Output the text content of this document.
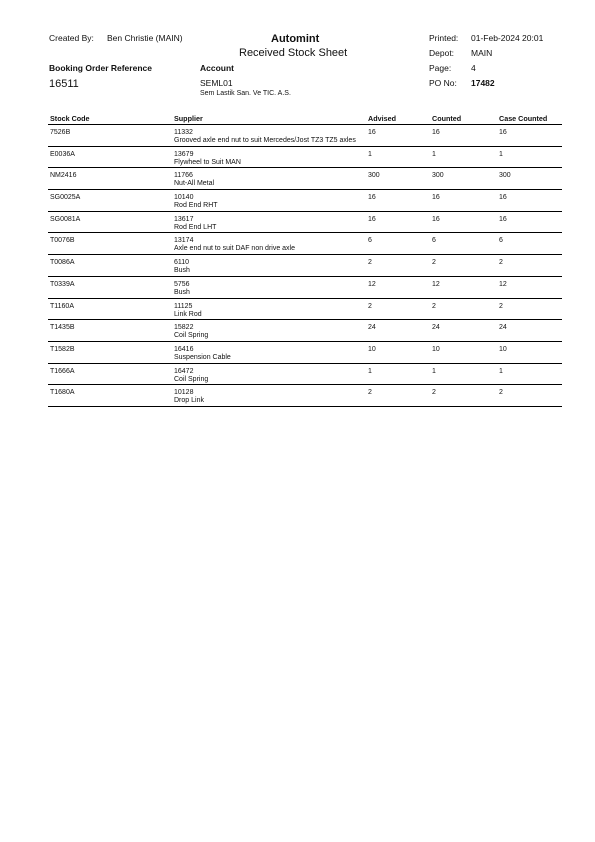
Created By: Ben Christie (MAIN)	Automint
Received Stock Sheet
Printed: 01-Feb-2024 20:01
Depot: MAIN
Page: 4
Booking Order Reference
16511
Account
SEML01
Sem Lastik San. Ve TIC. A.S.
PO No: 17482
Stock Code	Supplier	Advised	Counted	Case Counted
7526B	11332
Grooved axle end nut to suit Mercedes/Jost TZ3 TZ5 axles
16	16	16
E0036A	13679
Flywheel to Suit MAN
1	1	1
NM2416	11766
Nut-All Metal
300	300	300
SG0025A	10140
Rod End RHT
16	16	16
SG0081A	13617
Rod End LHT
16	16	16
T0076B	13174
Axle end nut to suit DAF non drive axle
6	6	6
T0086A	6110
Bush
2	2	2
T0339A	5756
Bush
12	12	12
T1160A	11125
Link Rod
2	2	2
T1435B	15822
Coil Spring
24	24	24
T1582B	16416
Suspension Cable
10	10	10
T1666A	16472
Coil Spring
1	1	1
T1680A	10128
Drop Link
2	2	2
